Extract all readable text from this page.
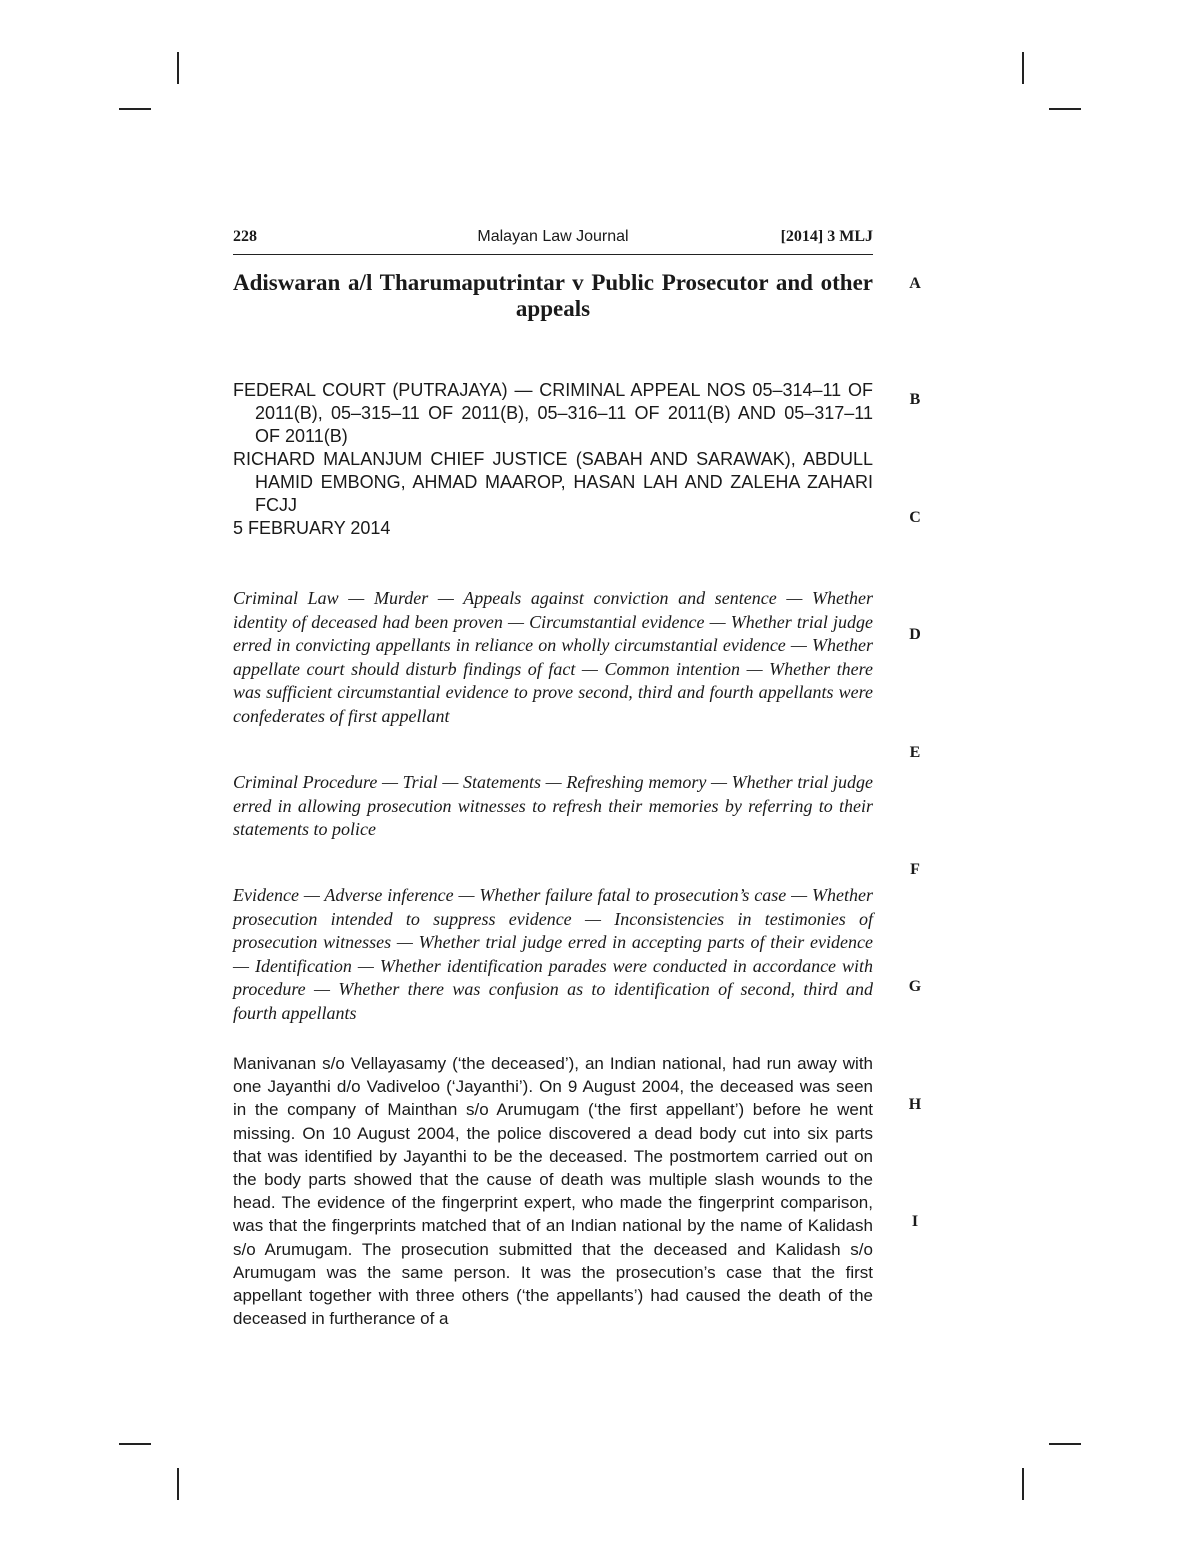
228	Malayan Law Journal	[2014] 3 MLJ
Adiswaran a/l Tharumaputrintar v Public Prosecutor and other appeals

FEDERAL COURT (PUTRAJAYA) — CRIMINAL APPEAL NOS 05–314–11 OF 2011(B), 05–315–11 OF 2011(B), 05–316–11 OF 2011(B) AND 05–317–11 OF 2011(B)

RICHARD MALANJUM CHIEF JUSTICE (SABAH AND SARAWAK), ABDULL HAMID EMBONG, AHMAD MAAROP, HASAN LAH AND ZALEHA ZAHARI FCJJ

5 FEBRUARY 2014

Criminal Law — Murder — Appeals against conviction and sentence — Whether identity of deceased had been proven — Circumstantial evidence — Whether trial judge erred in convicting appellants in reliance on wholly circumstantial evidence — Whether appellate court should disturb findings of fact — Common intention — Whether there was sufficient circumstantial evidence to prove second, third and fourth appellants were confederates of first appellant

Criminal Procedure — Trial — Statements — Refreshing memory — Whether trial judge erred in allowing prosecution witnesses to refresh their memories by referring to their statements to police

Evidence — Adverse inference — Whether failure fatal to prosecution’s case — Whether prosecution intended to suppress evidence — Inconsistencies in testimonies of prosecution witnesses — Whether trial judge erred in accepting parts of their evidence — Identification — Whether identification parades were conducted in accordance with procedure — Whether there was confusion as to identification of second, third and fourth appellants

Manivanan s/o Vellayasamy (‘the deceased’), an Indian national, had run away with one Jayanthi d/o Vadiveloo (‘Jayanthi’). On 9 August 2004, the deceased was seen in the company of Mainthan s/o Arumugam (‘the first appellant’) before he went missing. On 10 August 2004, the police discovered a dead body cut into six parts that was identified by Jayanthi to be the deceased. The postmortem carried out on the body parts showed that the cause of death was multiple slash wounds to the head. The evidence of the fingerprint expert, who made the fingerprint comparison, was that the fingerprints matched that of an Indian national by the name of Kalidash s/o Arumugam. The prosecution submitted that the deceased and Kalidash s/o Arumugam was the same person. It was the prosecution’s case that the first appellant together with three others (‘the appellants’) had caused the death of the deceased in furtherance of a

A
B
C
D
E
F
G
H
I
